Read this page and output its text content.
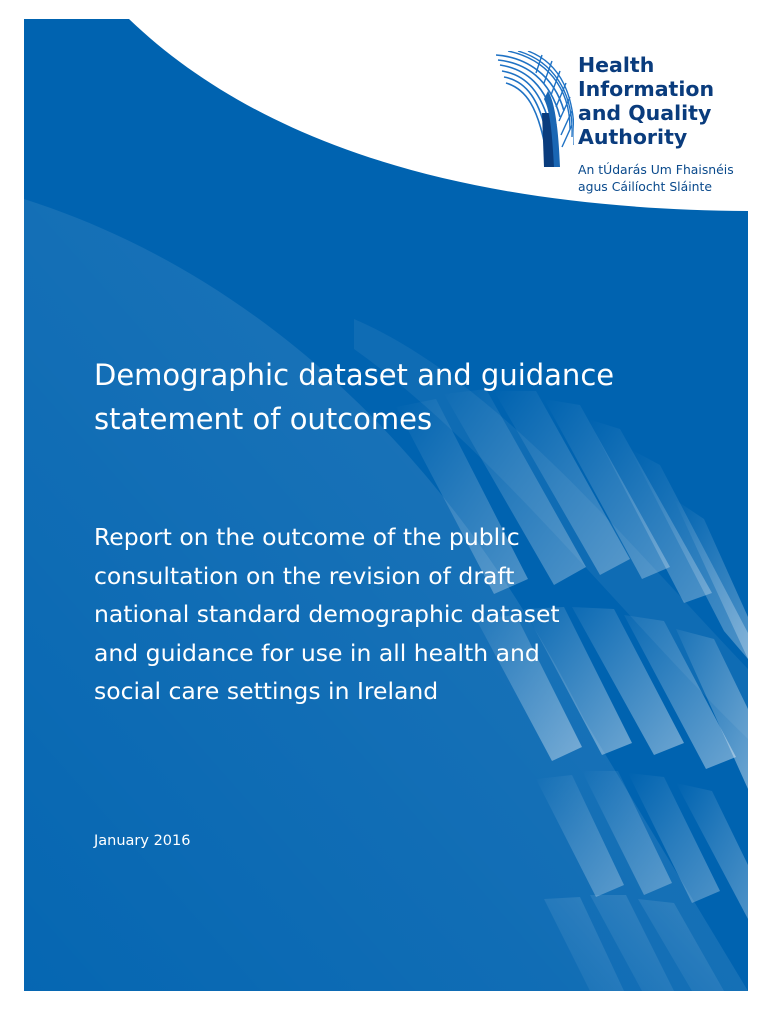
Health
Information
and Quality
Authority

An tÚdarás Um Fhaisnéis
agus Cáilíocht Sláinte

Demographic dataset and guidance
statement of outcomes
Report on the outcome of the public
consultation on the revision of draft
national standard demographic dataset
and guidance for use in all health and
social care settings in Ireland

January 2016
